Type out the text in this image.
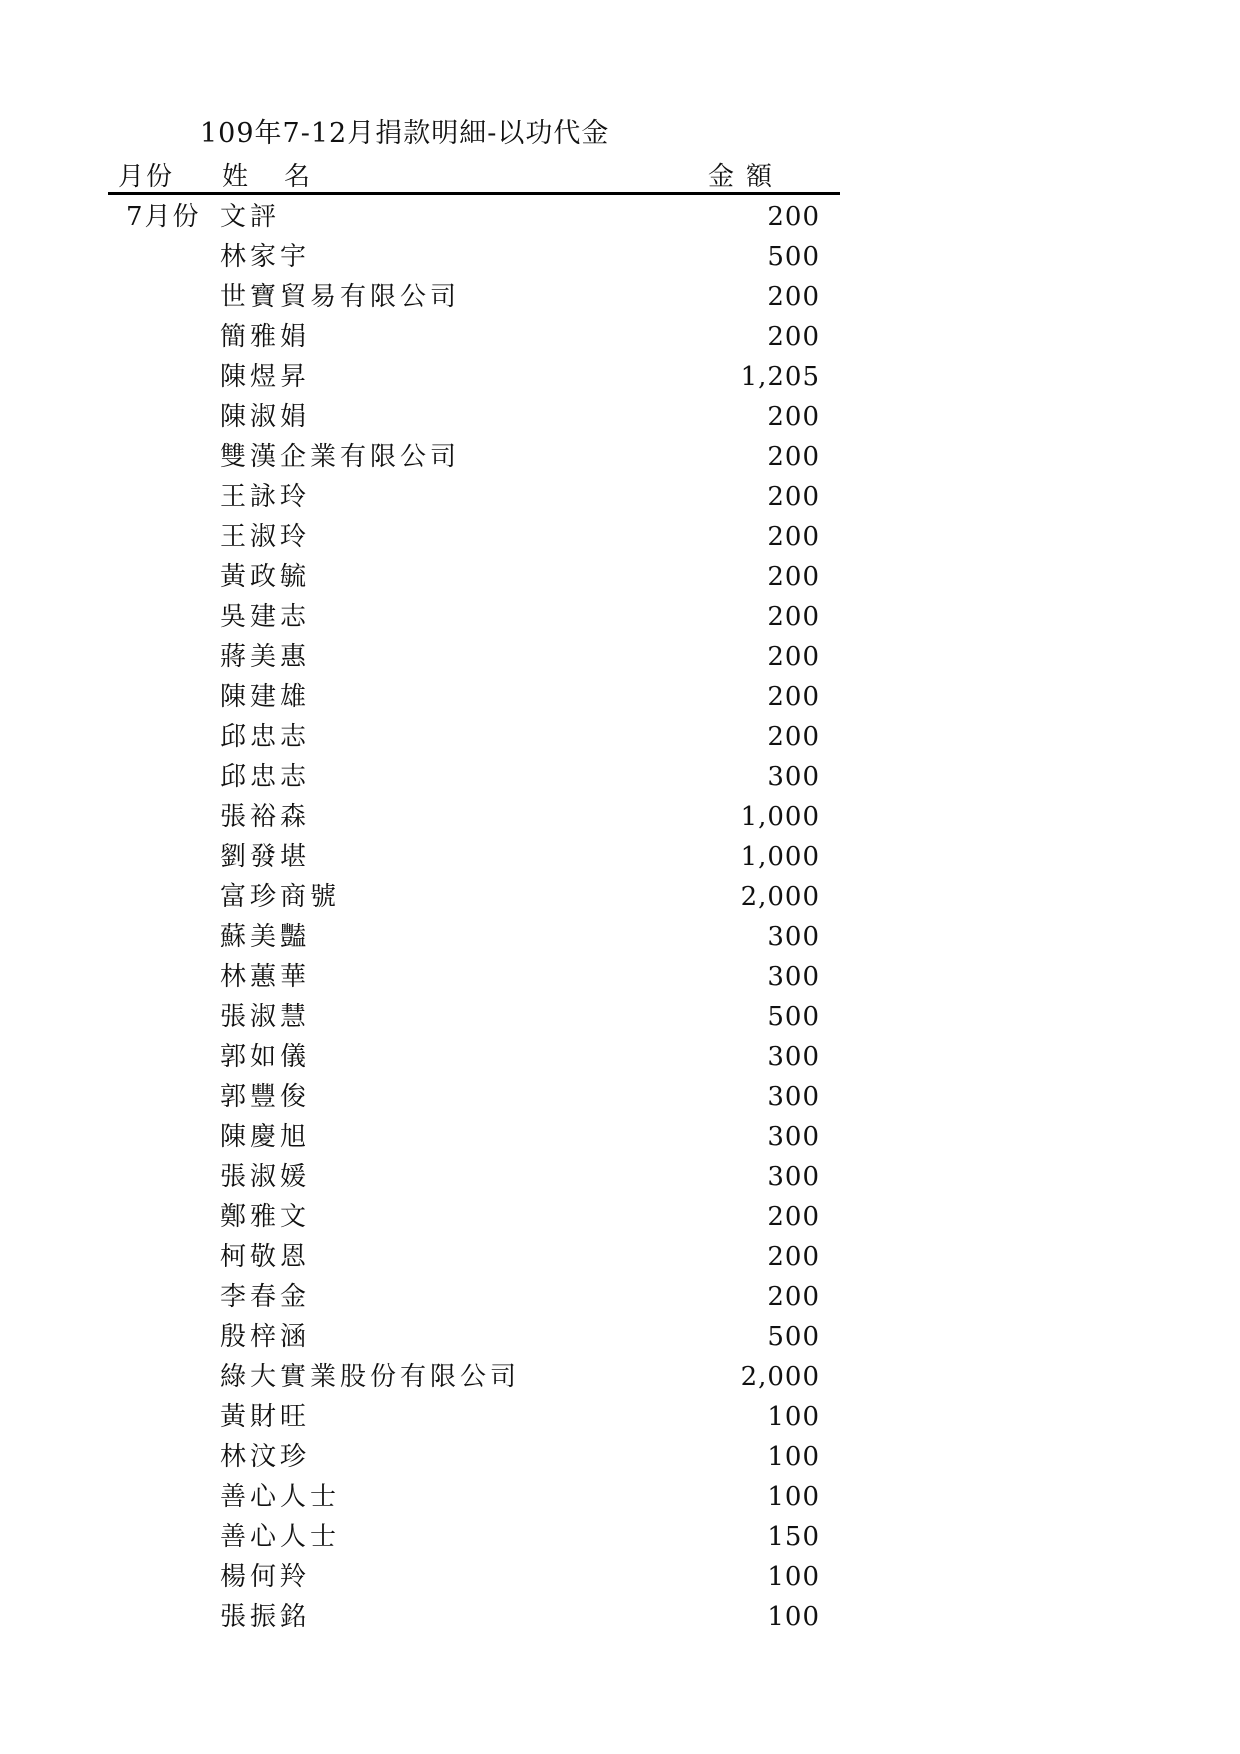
109年7-12月捐款明細-以功代金
月份 姓名	金額
7月份 文評	200
林家宇	500
世寶貿易有限公司	200
簡雅娟	200
陳煜昇	1,205
陳淑娟	200
雙漢企業有限公司	200
王詠玲	200
王淑玲	200
黃政毓	200
吳建志	200
蔣美惠	200
陳建雄	200
邱忠志	200
邱忠志	300
張裕森	1,000
劉發堪	1,000
富珍商號	2,000
蘇美豔	300
林蕙華	300
張淑慧	500
郭如儀	300
郭豐俊	300
陳慶旭	300
張淑媛	300
鄭雅文	200
柯敬恩	200
李春金	200
殷梓涵	500
綠大實業股份有限公司	2,000
黃財旺	100
林汶珍	100
善心人士	100
善心人士	150
楊何羚	100
張振銘	100
